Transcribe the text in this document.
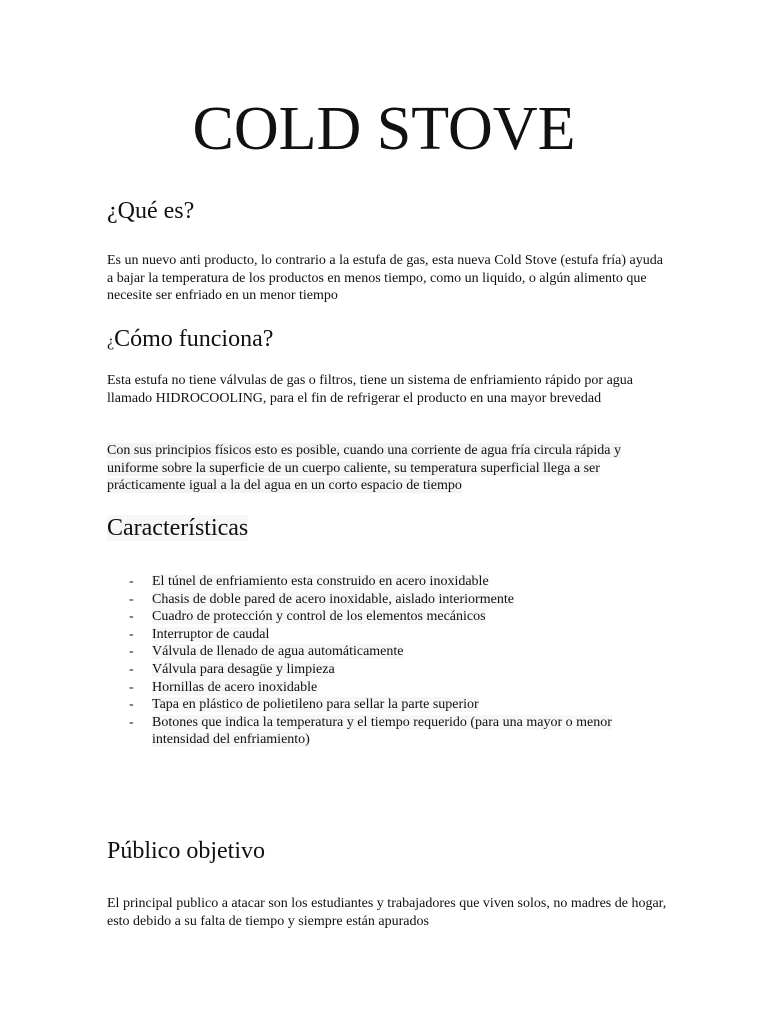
COLD STOVE
¿Qué es?

Es un nuevo anti producto, lo contrario a la estufa de gas, esta nueva Cold Stove (estufa fría) ayuda a bajar la temperatura de los productos en menos tiempo, como un liquido, o algún alimento que necesite ser enfriado en un menor tiempo

¿Cómo funciona?

Esta estufa no tiene válvulas de gas o filtros, tiene un sistema de enfriamiento rápido por agua llamado HIDROCOOLING, para el fin de refrigerar el producto en una mayor brevedad

Con sus principios físicos esto es posible, cuando una corriente de agua fría circula rápida y uniforme sobre la superficie de un cuerpo caliente, su temperatura superficial llega a ser prácticamente igual a la del agua en un corto espacio de tiempo

Características
- El túnel de enfriamiento esta construido en acero inoxidable
- Chasis de doble pared de acero inoxidable, aislado interiormente
- Cuadro de protección y control de los elementos mecánicos
- Interruptor de caudal
- Válvula de llenado de agua automáticamente
- Válvula para desagüe y limpieza
- Hornillas de acero inoxidable
- Tapa en plástico de polietileno para sellar la parte superior
- Botones que indica la temperatura y el tiempo requerido (para una mayor o menor intensidad del enfriamiento)
Público objetivo

El principal publico a atacar son los estudiantes y trabajadores que viven solos, no madres de hogar, esto debido a su falta de tiempo y siempre están apurados
